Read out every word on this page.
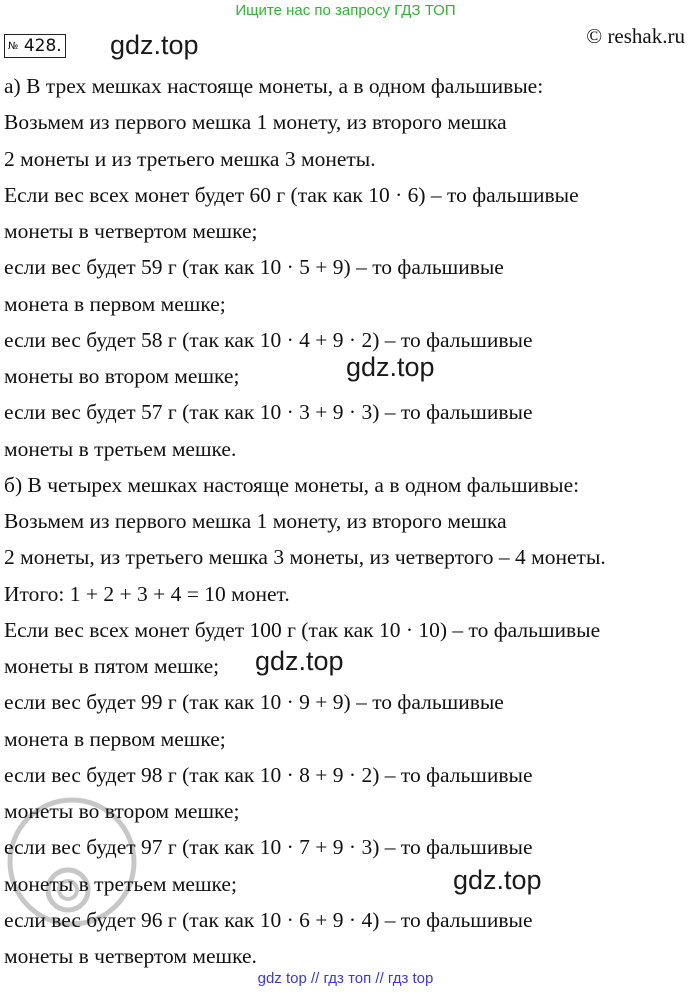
Ищите нас по запросу ГДЗ ТОП
№ 428.	© reshak.ru
gdz.top
gdz.top
gdz.top
gdz.top
а) В трех мешках настояще монеты, а в одном фальшивые:
Возьмем из первого мешка 1 монету, из второго мешка
2 монеты и из третьего мешка 3 монеты.
Если вес всех монет будет 60 г (так как 10 · 6) – то фальшивые
монеты в четвертом мешке;
если вес будет 59 г (так как 10 · 5 + 9) – то фальшивые
монета в первом мешке;
если вес будет 58 г (так как 10 · 4 + 9 · 2) – то фальшивые
монеты во втором мешке;
если вес будет 57 г (так как 10 · 3 + 9 · 3) – то фальшивые
монеты в третьем мешке.
б) В четырех мешках настояще монеты, а в одном фальшивые:
Возьмем из первого мешка 1 монету, из второго мешка
2 монеты, из третьего мешка 3 монеты, из четвертого – 4 монеты.
Итого: 1 + 2 + 3 + 4 = 10 монет.
Если вес всех монет будет 100 г (так как 10 · 10) – то фальшивые
монеты в пятом мешке;
если вес будет 99 г (так как 10 · 9 + 9) – то фальшивые
монета в первом мешке;
если вес будет 98 г (так как 10 · 8 + 9 · 2) – то фальшивые
монеты во втором мешке;
если вес будет 97 г (так как 10 · 7 + 9 · 3) – то фальшивые
монеты в третьем мешке;
если вес будет 96 г (так как 10 · 6 + 9 · 4) – то фальшивые
монеты в четвертом мешке.
gdz top // гдз топ // гдз top
